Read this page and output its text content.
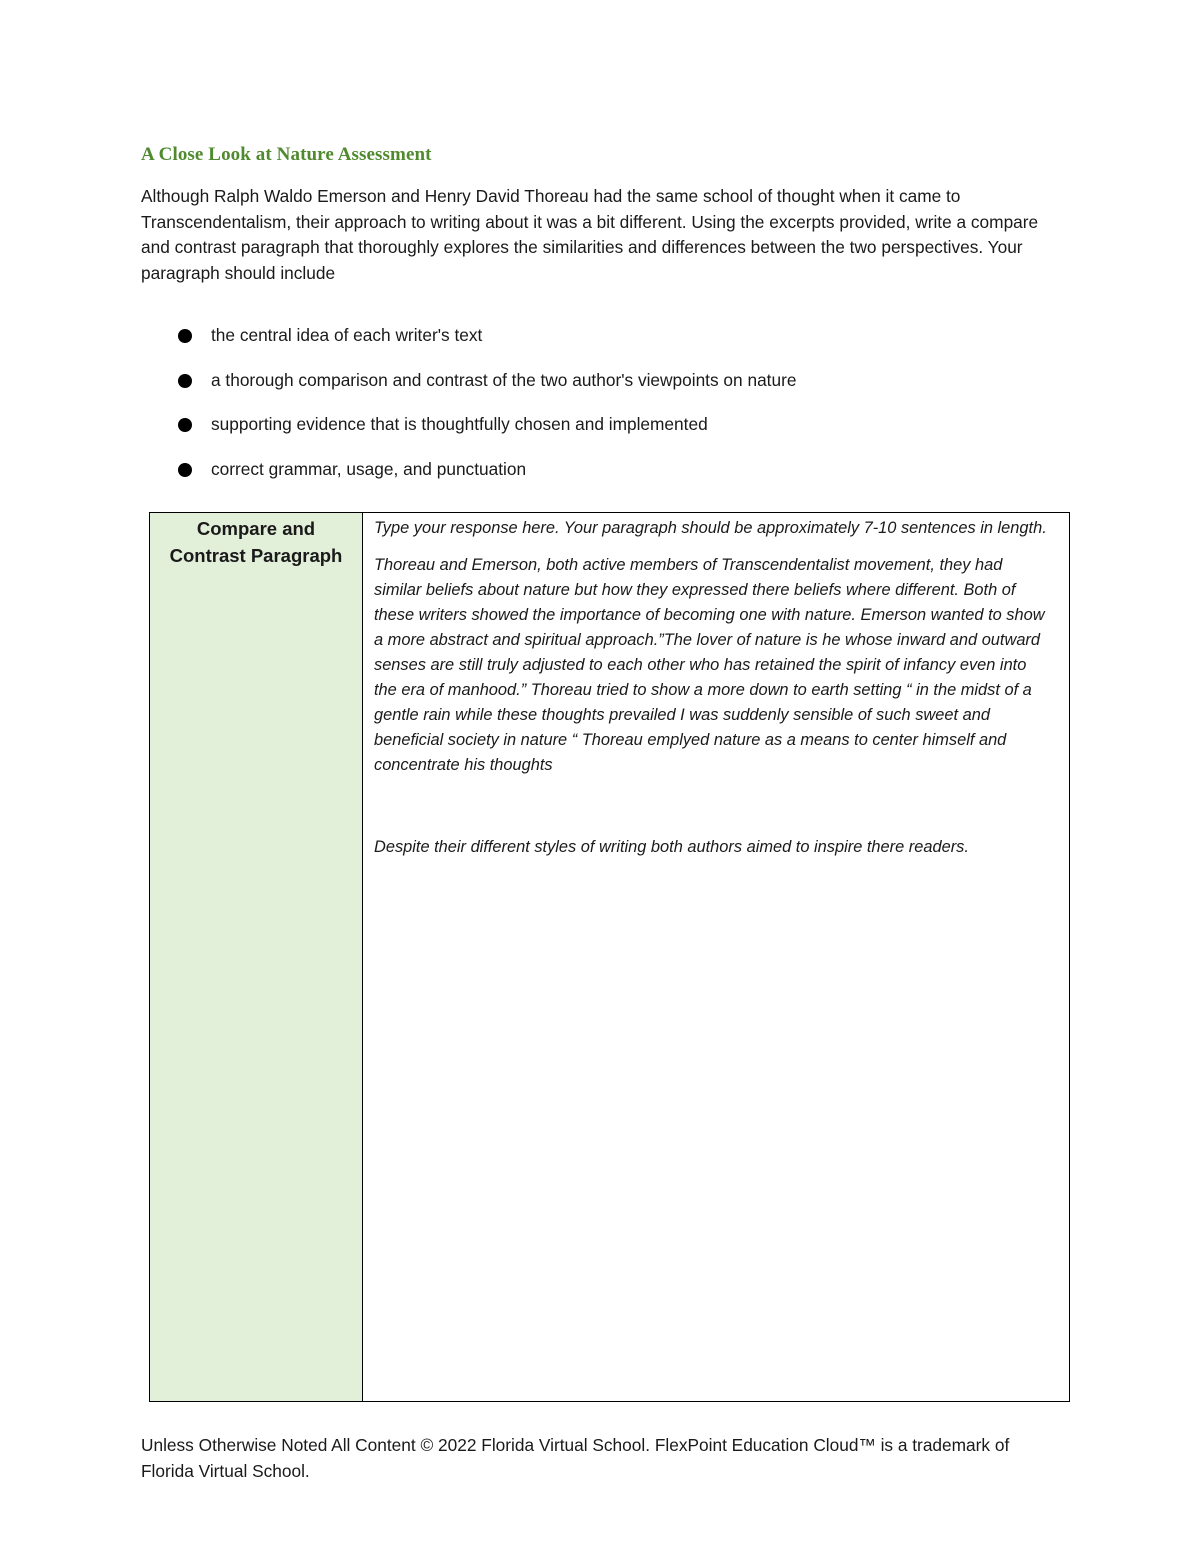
A Close Look at Nature Assessment

Although Ralph Waldo Emerson and Henry David Thoreau had the same school of thought when it came to Transcendentalism, their approach to writing about it was a bit different. Using the excerpts provided, write a compare and contrast paragraph that thoroughly explores the similarities and differences between the two perspectives. Your paragraph should include

the central idea of each writer's text
a thorough comparison and contrast of the two author's viewpoints on nature
supporting evidence that is thoughtfully chosen and implemented
correct grammar, usage, and punctuation
Compare and
Contrast Paragraph

Type your response here. Your paragraph should be approximately 7-10 sentences in length.

Thoreau and Emerson, both active members of Transcendentalist movement, they had similar beliefs about nature but how they expressed there beliefs where different. Both of these writers showed the importance of becoming one with nature. Emerson wanted to show a more abstract and spiritual approach.”The lover of nature is he whose inward and outward senses are still truly adjusted to each other who has retained the spirit of infancy even into the era of manhood.” Thoreau tried to show a more down to earth setting “ in the midst of a gentle rain while these thoughts prevailed I was suddenly sensible of such sweet and beneficial society in nature “ Thoreau emplyed nature as a means to center himself and concentrate his thoughts

Despite their different styles of writing both authors aimed to inspire there readers.

Unless Otherwise Noted All Content © 2022 Florida Virtual School. FlexPoint Education Cloud™ is a trademark of Florida Virtual School.
